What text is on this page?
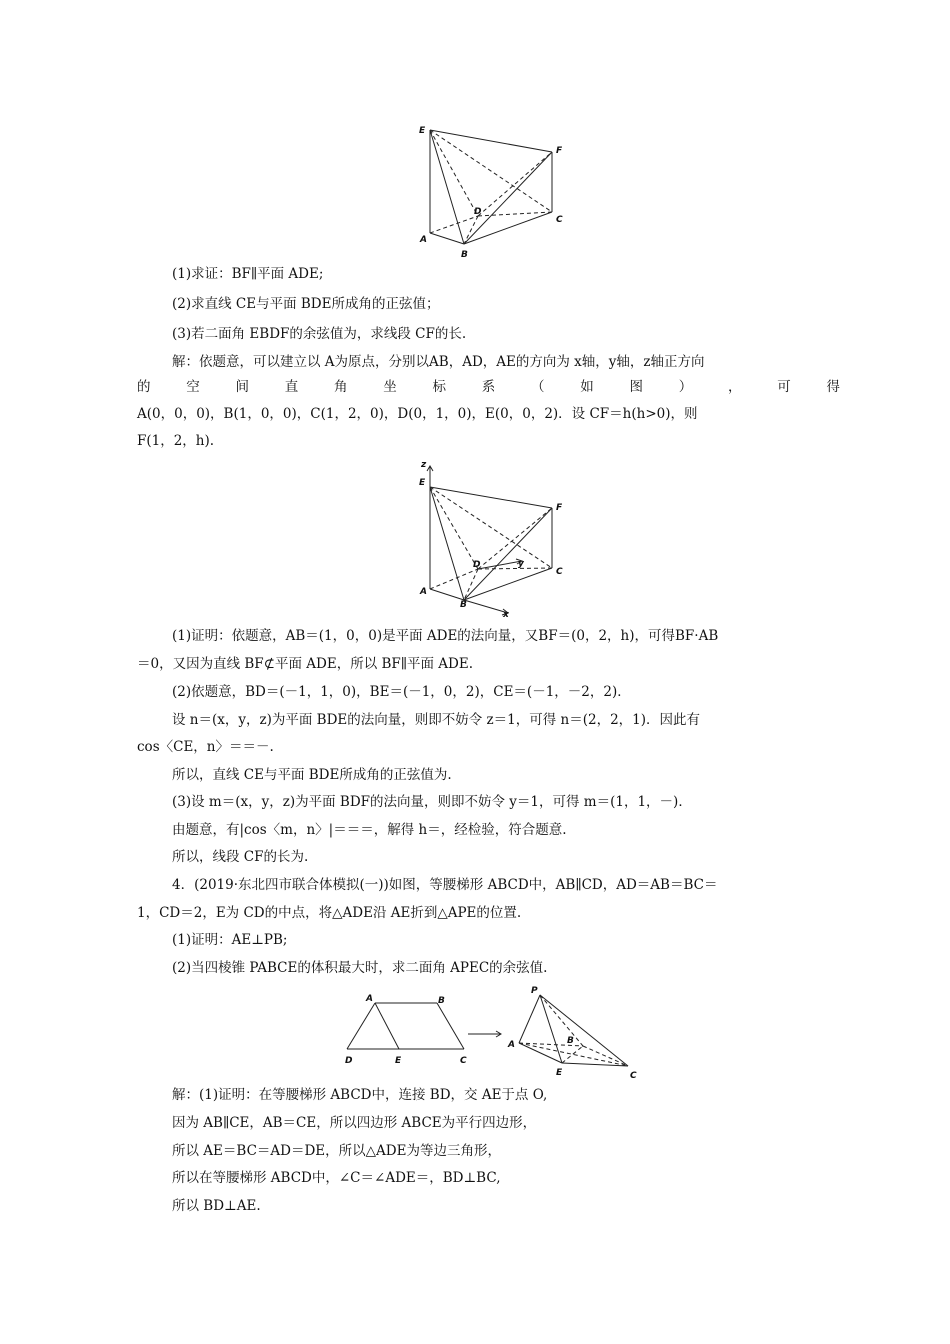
E
F
D
C
A
B
(1)求证：BF∥平面 ADE;
(2)求直线 CE与平面 BDE所成角的正弦值；
(3)若二面角 EBDF的余弦值为，求线段 CF的长.
解：依题意，可以建立以 A为原点，分别以AB，AD，AE的方向为 x轴，y轴，z轴正方向
的	空	间	直	角	坐	标	系	（	如	图	）	，	可	得
A(0，0，0)，B(1，0，0)，C(1，2，0)，D(0，1，0)，E(0，0，2)．设 CF＝h(h>0)，则
F(1，2，h).
z
E
F
D	y
C
A
B
x
(1)证明：依题意，AB＝(1，0，0)是平面 ADE的法向量，又BF＝(0，2，h)，可得BF·AB
＝0，又因为直线 BF⊄平面 ADE，所以 BF∥平面 ADE.
(2)依题意，BD＝(－1，1，0)，BE＝(－1，0，2)，CE＝(－1，－2，2)．
设 n＝(x，y，z)为平面 BDE的法向量，则即不妨令 z＝1，可得 n＝(2，2，1)．因此有
cos〈CE，n〉＝＝－.
所以，直线 CE与平面 BDE所成角的正弦值为.
(3)设 m＝(x，y，z)为平面 BDF的法向量，则即不妨令 y＝1，可得 m＝(1，1，－)．
由题意，有|cos〈m，n〉|＝＝＝，解得 h＝，经检验，符合题意.
所以，线段 CF的长为.
4．(2019·东北四市联合体模拟(一))如图，等腰梯形 ABCD中，AB∥CD，AD＝AB＝BC＝
1，CD＝2，E为 CD的中点，将△ADE沿 AE折到△APE的位置.
(1)证明：AE⊥PB;
(2)当四棱锥 PABCE的体积最大时，求二面角 APEC的余弦值.
A	B
D	E	C
P
B
A
E	C
解：(1)证明：在等腰梯形 ABCD中，连接 BD，交 AE于点 O,
因为 AB∥CE，AB＝CE，所以四边形 ABCE为平行四边形，
所以 AE＝BC＝AD＝DE，所以△ADE为等边三角形，
所以在等腰梯形 ABCD中，∠C＝∠ADE＝，BD⊥BC,
所以 BD⊥AE.
